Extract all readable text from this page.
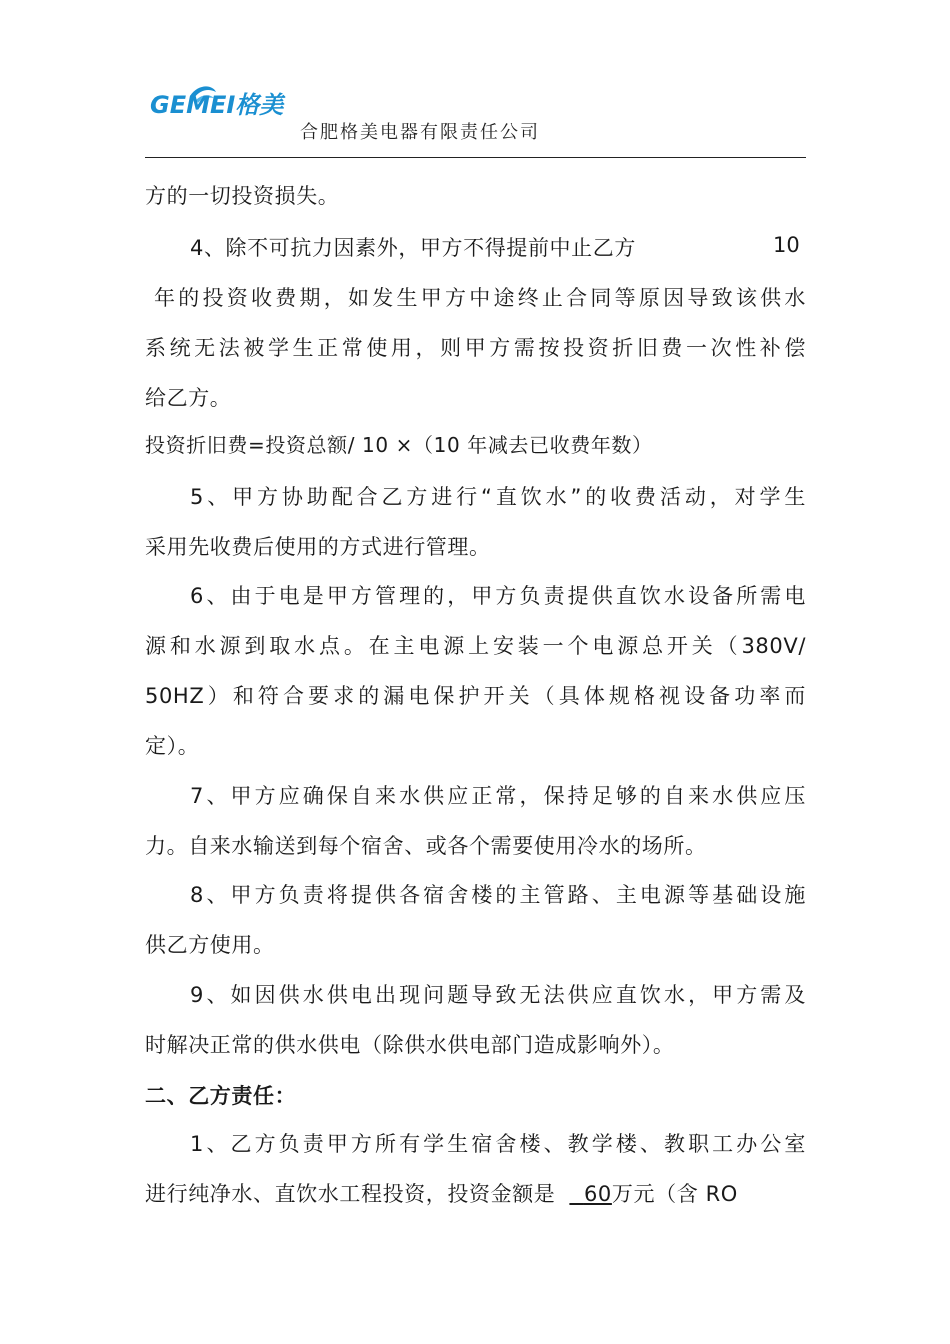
GEMEI格美
合肥格美电器有限责任公司
方的一切投资损失。
4、除不可抗力因素外，甲方不得提前中止乙方	10
年的投资收费期，如发生甲方中途终止合同等原因导致该供水
系统无法被学生正常使用，则甲方需按投资折旧费一次性补偿
给乙方。
投资折旧费=投资总额/ 10 ×（10 年减去已收费年数）
5、甲方协助配合乙方进行“直饮水”的收费活动，对学生
采用先收费后使用的方式进行管理。
6、由于电是甲方管理的，甲方负责提供直饮水设备所需电
源和水源到取水点。在主电源上安装一个电源总开关（380V/
50HZ）和符合要求的漏电保护开关（具体规格视设备功率而
定）。
7、甲方应确保自来水供应正常，保持足够的自来水供应压
力。自来水输送到每个宿舍、或各个需要使用冷水的场所。
8、甲方负责将提供各宿舍楼的主管路、主电源等基础设施
供乙方使用。
9、如因供水供电出现问题导致无法供应直饮水，甲方需及
时解决正常的供水供电（除供水供电部门造成影响外）。
二、乙方责任：
1、乙方负责甲方所有学生宿舍楼、教学楼、教职工办公室
进行纯净水、直饮水工程投资，投资金额是 60万元（含 RO
